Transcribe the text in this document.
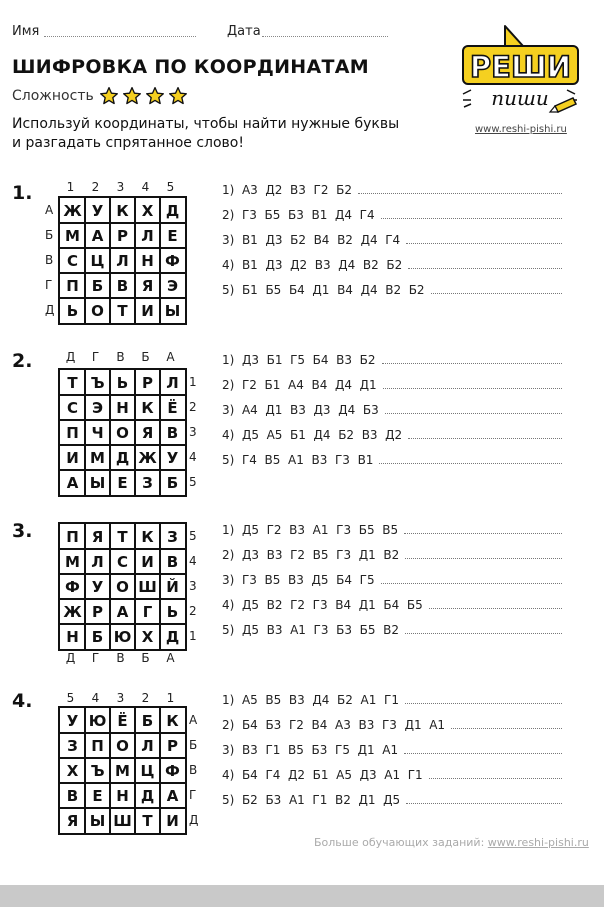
Имя	Дата
ШИФРОВКА ПО КООРДИНАТАМ
Сложность
Используй координаты, чтобы найти нужные буквы
и разгадать спрятанное слово!
РЕШИ
пиши
www.reshi-pishi.ru
1.	1	2	3	4	5
А
Б
В
Г
Д
Ж У К Х Д
М А Р Л Е
С Ц Л Н Ф
П Б В Я Э
Ь О Т И Ы
1)  А3  Д2  В3  Г2  Б2
2)  Г3  Б5  Б3  В1  Д4  Г4
3)  В1  Д3  Б2  В4  В2  Д4  Г4
4)  В1  Д3  Д2  В3  Д4  В2  Б2
5)  Б1  Б5  Б4  Д1  В4  Д4  В2  Б2
2.	Д	Г	В	Б	А
1
2
3
4
5
Т Ъ Ь Р Л
С Э Н К Ё
П Ч О Я В
И М Д Ж У
А Ы Е З Б
1)  Д3  Б1  Г5  Б4  В3  Б2
2)  Г2  Б1  А4  В4  Д4  Д1
3)  А4  Д1  В3  Д3  Д4  Б3
4)  Д5  А5  Б1  Д4  Б2  В3  Д2
5)  Г4  В5  А1  В3  Г3  В1
3.	5
4
3
2
1
П Я Т К З
М Л С И В
Ф У О Ш Й
Ж Р А Г Ь
Н Б Ю Х Д
Д	Г	В	Б	А
1)  Д5  Г2  В3  А1  Г3  Б5  В5
2)  Д3  В3  Г2  В5  Г3  Д1  В2
3)  Г3  В5  В3  Д5  Б4  Г5
4)  Д5  В2  Г2  Г3  В4  Д1  Б4  Б5
5)  Д5  В3  А1  Г3  Б3  Б5  В2
4.	5	4	3	2	1
А
Б
В
Г
Д
У Ю Ё Б К
З П О Л Р
Х Ъ М Ц Ф
В Е Н Д А
Я Ы Ш Т И
1)  А5  В5  В3  Д4  Б2  А1  Г1
2)  Б4  Б3  Г2  В4  А3  В3  Г3  Д1  А1
3)  В3  Г1  В5  Б3  Г5  Д1  А1
4)  Б4  Г4  Д2  Б1  А5  Д3  А1  Г1
5)  Б2  Б3  А1  Г1  В2  Д1  Д5
Больше обучающих заданий: www.reshi-pishi.ru
